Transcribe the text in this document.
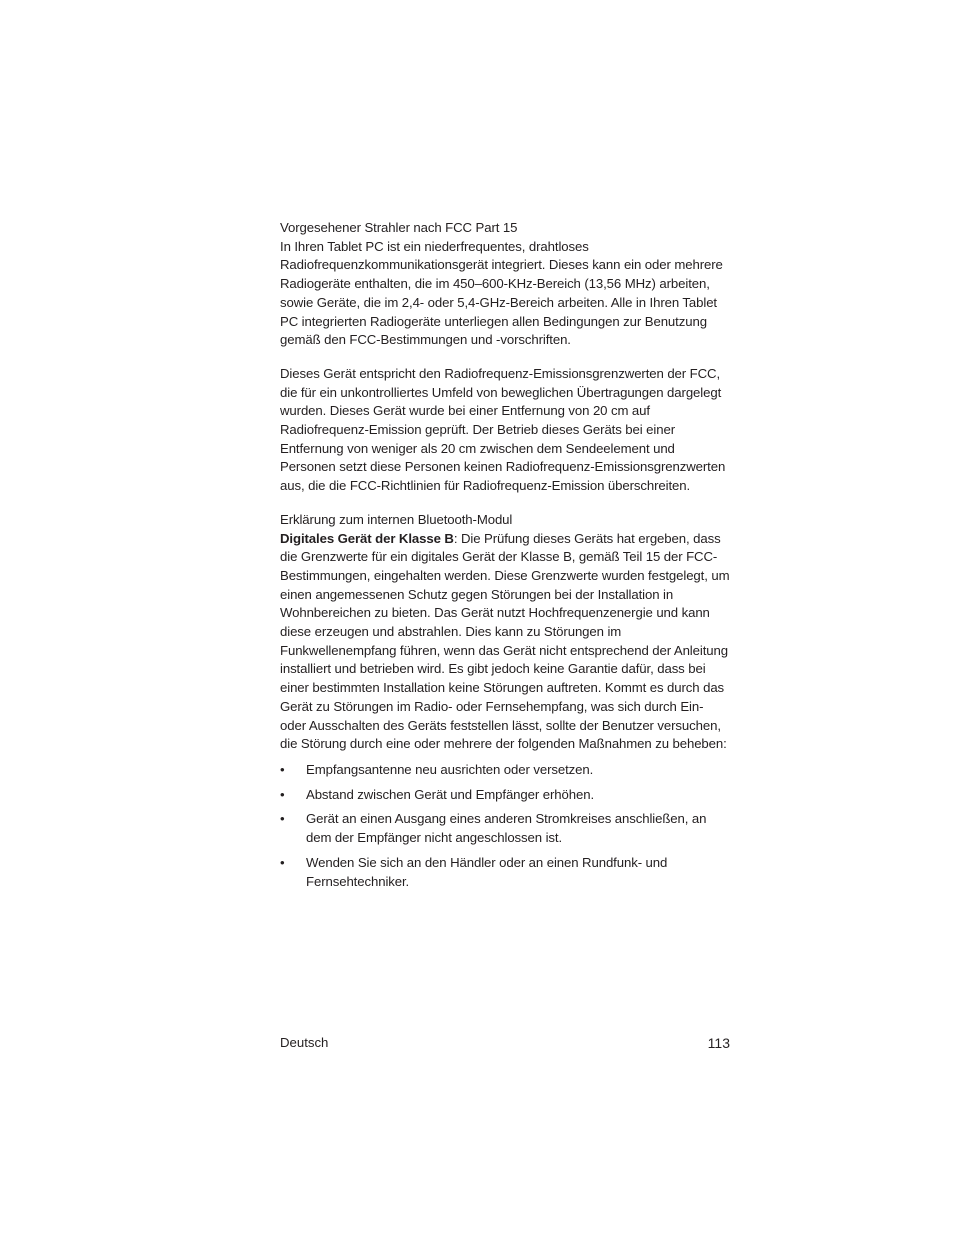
Vorgesehener Strahler nach FCC Part 15

In Ihren Tablet PC ist ein niederfrequentes, drahtloses Radiofrequenzkommunikationsgerät integriert. Dieses kann ein oder mehrere Radiogeräte enthalten, die im 450–600-KHz-Bereich (13,56 MHz) arbeiten, sowie Geräte, die im 2,4- oder 5,4-GHz-Bereich arbeiten. Alle in Ihren Tablet PC integrierten Radiogeräte unterliegen allen Bedingungen zur Benutzung gemäß den FCC-Bestimmungen und -vorschriften.

Dieses Gerät entspricht den Radiofrequenz-Emissionsgrenzwerten der FCC, die für ein unkontrolliertes Umfeld von beweglichen Übertragungen dargelegt wurden. Dieses Gerät wurde bei einer Entfernung von 20 cm auf Radiofrequenz-Emission geprüft. Der Betrieb dieses Geräts bei einer Entfernung von weniger als 20 cm zwischen dem Sendeelement und Personen setzt diese Personen keinen Radiofrequenz-Emissionsgrenzwerten aus, die die FCC-Richtlinien für Radiofrequenz-Emission überschreiten.

Erklärung zum internen Bluetooth-Modul

Digitales Gerät der Klasse B: Die Prüfung dieses Geräts hat ergeben, dass die Grenzwerte für ein digitales Gerät der Klasse B, gemäß Teil 15 der FCC-Bestimmungen, eingehalten werden. Diese Grenzwerte wurden festgelegt, um einen angemessenen Schutz gegen Störungen bei der Installation in Wohnbereichen zu bieten. Das Gerät nutzt Hochfrequenzenergie und kann diese erzeugen und abstrahlen. Dies kann zu Störungen im Funkwellenempfang führen, wenn das Gerät nicht entsprechend der Anleitung installiert und betrieben wird. Es gibt jedoch keine Garantie dafür, dass bei einer bestimmten Installation keine Störungen auftreten. Kommt es durch das Gerät zu Störungen im Radio- oder Fernsehempfang, was sich durch Ein- oder Ausschalten des Geräts feststellen lässt, sollte der Benutzer versuchen, die Störung durch eine oder mehrere der folgenden Maßnahmen zu beheben:

• Empfangsantenne neu ausrichten oder versetzen.
• Abstand zwischen Gerät und Empfänger erhöhen.
• Gerät an einen Ausgang eines anderen Stromkreises anschließen, an dem der Empfänger nicht angeschlossen ist.
• Wenden Sie sich an den Händler oder an einen Rundfunk- und Fernsehtechniker.
Deutsch	113
